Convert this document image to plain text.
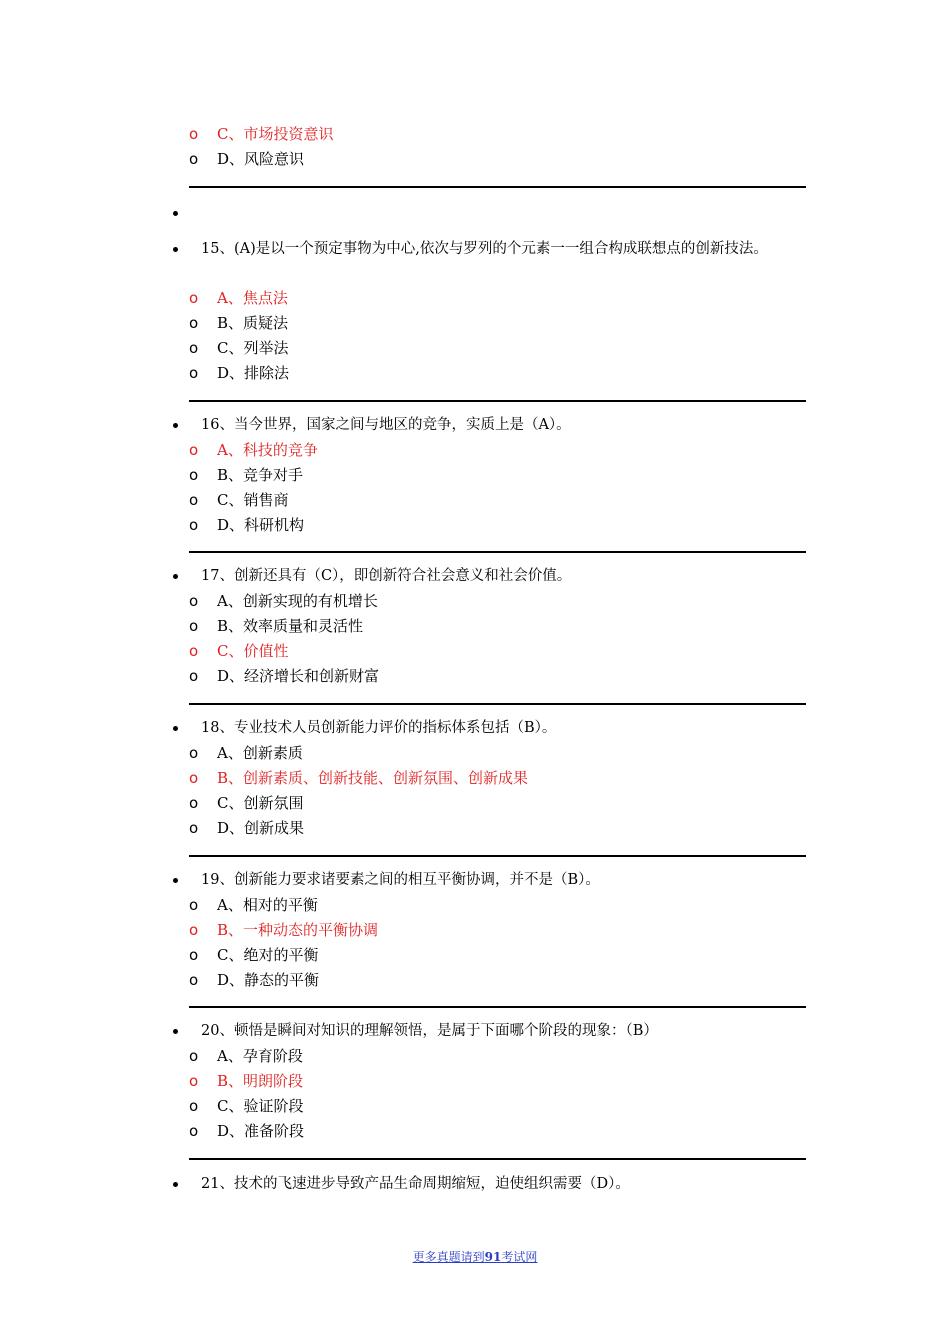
o C、市场投资意识
o D、风险意识
15、(A)是以一个预定事物为中心,依次与罗列的个元素一一组合构成联想点的创新技法。
o A、焦点法
o B、质疑法
o C、列举法
o D、排除法
16、当今世界，国家之间与地区的竞争，实质上是（A）。
o A、科技的竞争
o B、竞争对手
o C、销售商
o D、科研机构
17、创新还具有（C），即创新符合社会意义和社会价值。
o A、创新实现的有机增长
o B、效率质量和灵活性
o C、价值性
o D、经济增长和创新财富
18、专业技术人员创新能力评价的指标体系包括（B）。
o A、创新素质
o B、创新素质、创新技能、创新氛围、创新成果
o C、创新氛围
o D、创新成果
19、创新能力要求诸要素之间的相互平衡协调，并不是（B）。
o A、相对的平衡
o B、一种动态的平衡协调
o C、绝对的平衡
o D、静态的平衡
20、顿悟是瞬间对知识的理解领悟，是属于下面哪个阶段的现象：（B）
o A、孕育阶段
o B、明朗阶段
o C、验证阶段
o D、准备阶段
21、技术的飞速进步导致产品生命周期缩短，迫使组织需要（D）。
更多真题请到91考试网
